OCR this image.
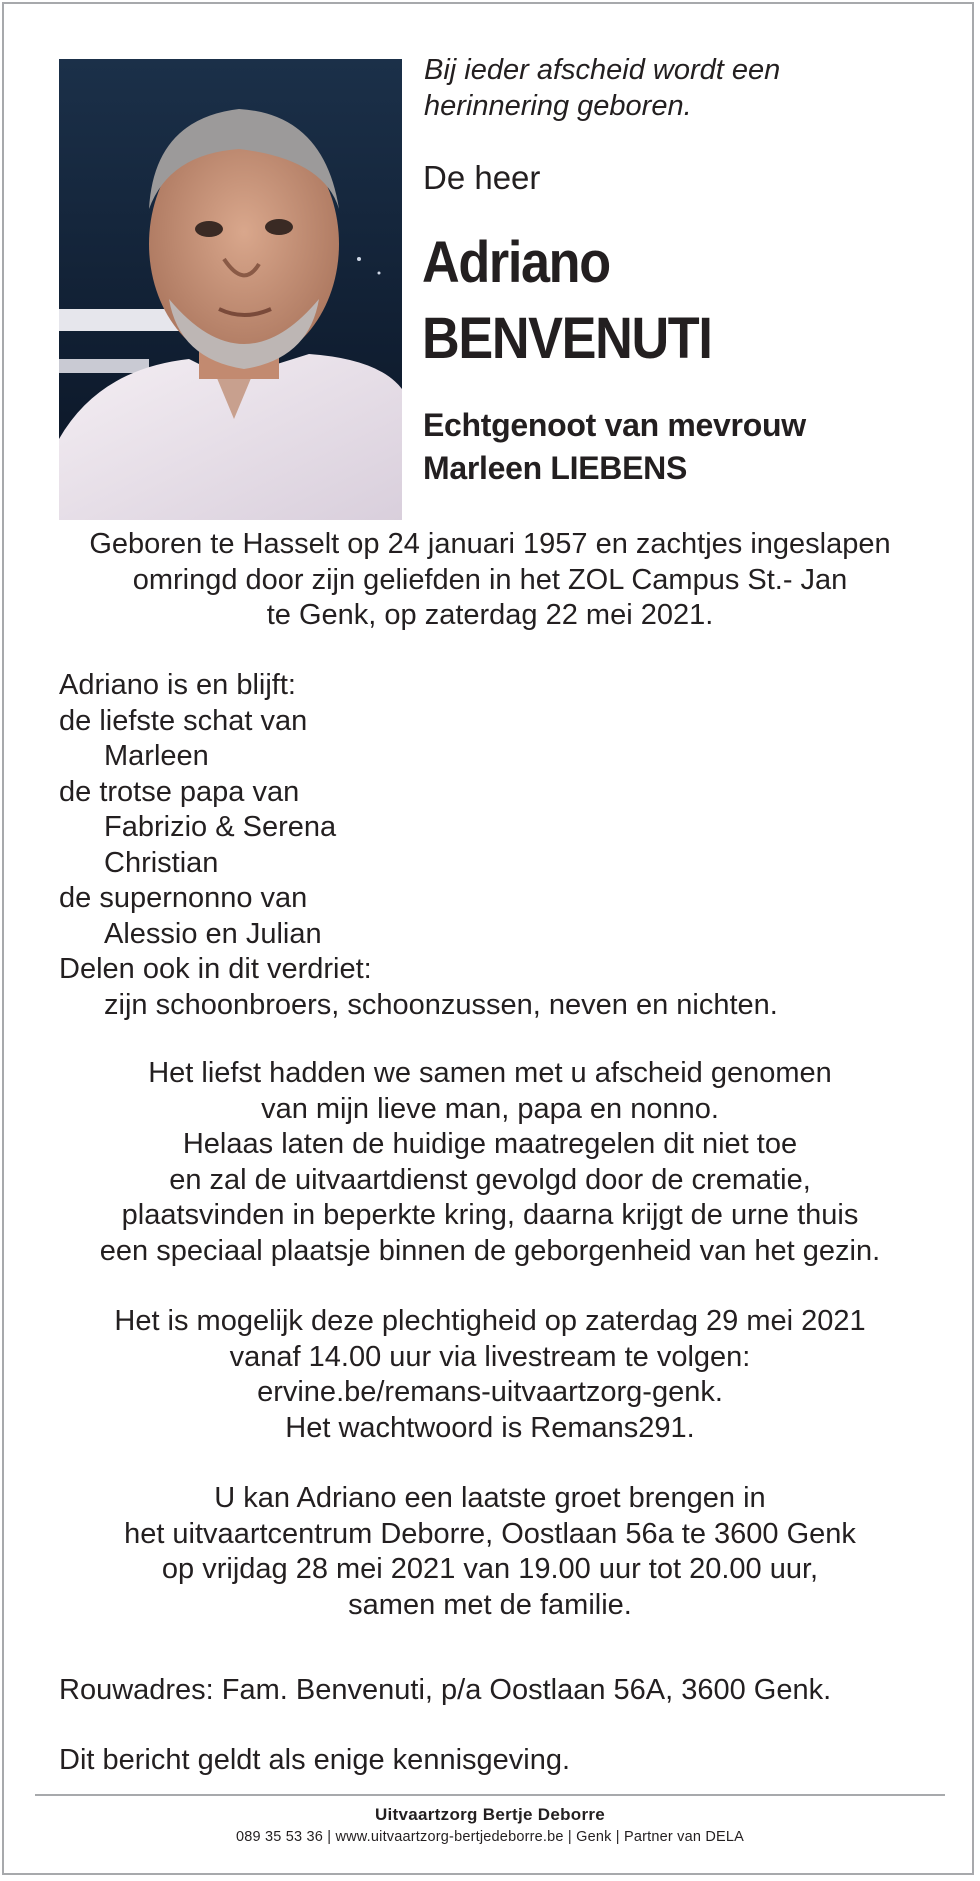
Bij ieder afscheid wordt een
herinnering geboren.
De heer
Adriano
BENVENUTI
Echtgenoot van mevrouw
Marleen LIEBENS
Geboren te Hasselt op 24 januari 1957 en zachtjes ingeslapen
omringd door zijn geliefden in het ZOL Campus St.- Jan
te Genk, op zaterdag 22 mei 2021.
Adriano is en blijft:
de liefste schat van
Marleen
de trotse papa van
Fabrizio & Serena
Christian
de supernonno van
Alessio en Julian
Delen ook in dit verdriet:
zijn schoonbroers, schoonzussen, neven en nichten.
Het liefst hadden we samen met u afscheid genomen
van mijn lieve man, papa en nonno.
Helaas laten de huidige maatregelen dit niet toe
en zal de uitvaartdienst gevolgd door de crematie,
plaatsvinden in beperkte kring, daarna krijgt de urne thuis
een speciaal plaatsje binnen de geborgenheid van het gezin.
Het is mogelijk deze plechtigheid op zaterdag 29 mei 2021
vanaf 14.00 uur via livestream te volgen:
ervine.be/remans-uitvaartzorg-genk.
Het wachtwoord is Remans291.
U kan Adriano een laatste groet brengen in
het uitvaartcentrum Deborre, Oostlaan 56a te 3600 Genk
op vrijdag 28 mei 2021 van 19.00 uur tot 20.00 uur,
samen met de familie.
Rouwadres: Fam. Benvenuti, p/a Oostlaan 56A, 3600 Genk.
Dit bericht geldt als enige kennisgeving.
Uitvaartzorg Bertje Deborre
089 35 53 36 | www.uitvaartzorg-bertjedeborre.be | Genk | Partner van DELA
